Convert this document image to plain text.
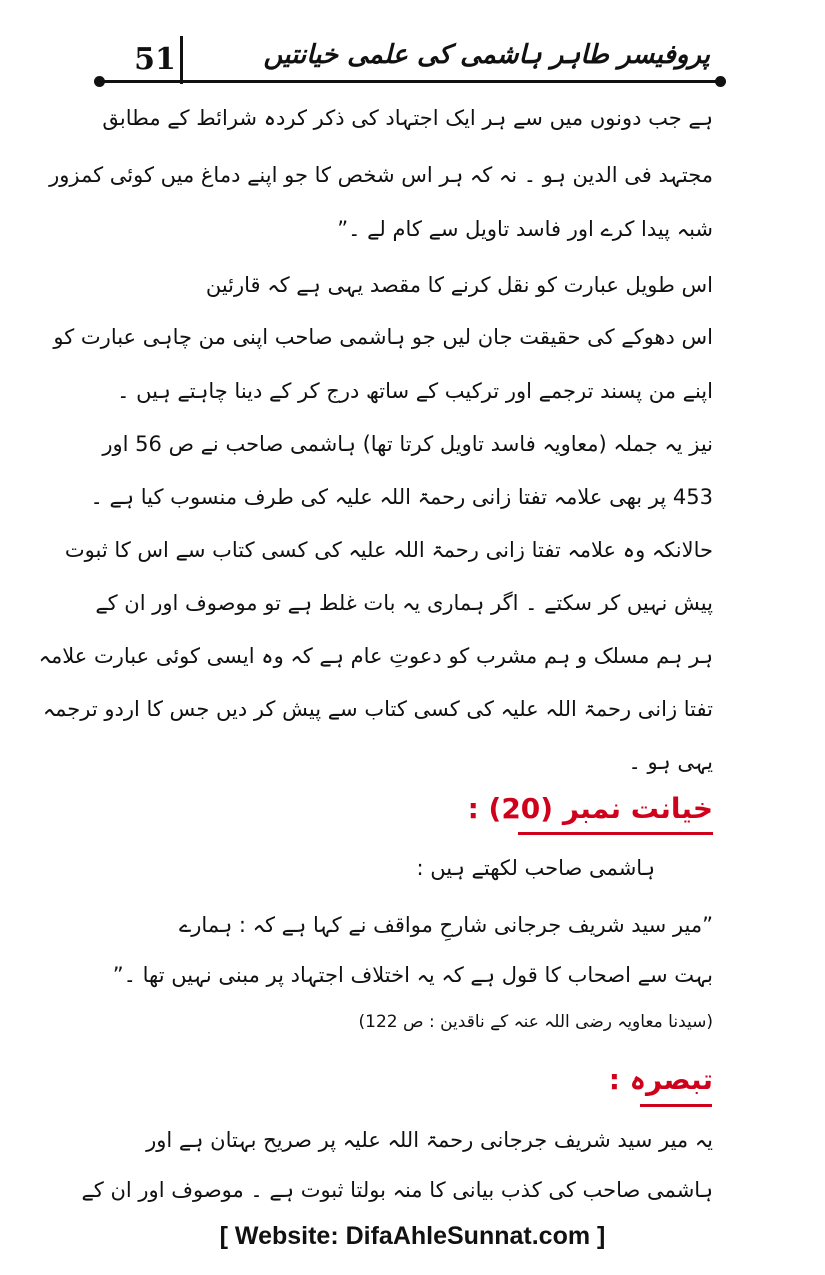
51	پروفیسر طاہر ہاشمی کی علمی خیانتیں
ہے جب دونوں میں سے ہر ایک اجتہاد کی ذکر کردہ شرائط کے مطابق
مجتہد فی الدین ہو ۔ نہ کہ ہر اس شخص کا جو اپنے دماغ میں کوئی کمزور
شبہ پیدا کرے اور فاسد تاویل سے کام لے ۔”
اس طویل عبارت کو نقل کرنے کا مقصد یہی ہے کہ قارئین
اس دھوکے کی حقیقت جان لیں جو ہاشمی صاحب اپنی من چاہی عبارت کو
اپنے من پسند ترجمے اور ترکیب کے ساتھ درج کر کے دینا چاہتے ہیں ۔
نیز یہ جملہ (معاویہ فاسد تاویل کرتا تھا) ہاشمی صاحب نے ص 56 اور
453 پر بھی علامہ تفتا زانی رحمۃ اللہ علیہ کی طرف منسوب کیا ہے ۔
حالانکہ وہ علامہ تفتا زانی رحمۃ اللہ علیہ کی کسی کتاب سے اس کا ثبوت
پیش نہیں کر سکتے ۔ اگر ہماری یہ بات غلط ہے تو موصوف اور ان کے
ہر ہم مسلک و ہم مشرب کو دعوتِ عام ہے کہ وہ ایسی کوئی عبارت علامہ
تفتا زانی رحمۃ اللہ علیہ کی کسی کتاب سے پیش کر دیں جس کا اردو ترجمہ
یہی ہو ۔
خیانت نمبر (20) :
ہاشمی صاحب لکھتے ہیں :
”میر سید شریف جرجانی شارحِ مواقف نے کہا ہے کہ : ہمارے
بہت سے اصحاب کا قول ہے کہ یہ اختلاف اجتہاد پر مبنی نہیں تھا ۔”
(سیدنا معاویہ رضی اللہ عنہ کے ناقدین : ص 122)
تبصرہ :
یہ میر سید شریف جرجانی رحمۃ اللہ علیہ پر صریح بہتان ہے اور
ہاشمی صاحب کی کذب بیانی کا منہ بولتا ثبوت ہے ۔ موصوف اور ان کے
[ Website: DifaAhleSunnat.com ]
